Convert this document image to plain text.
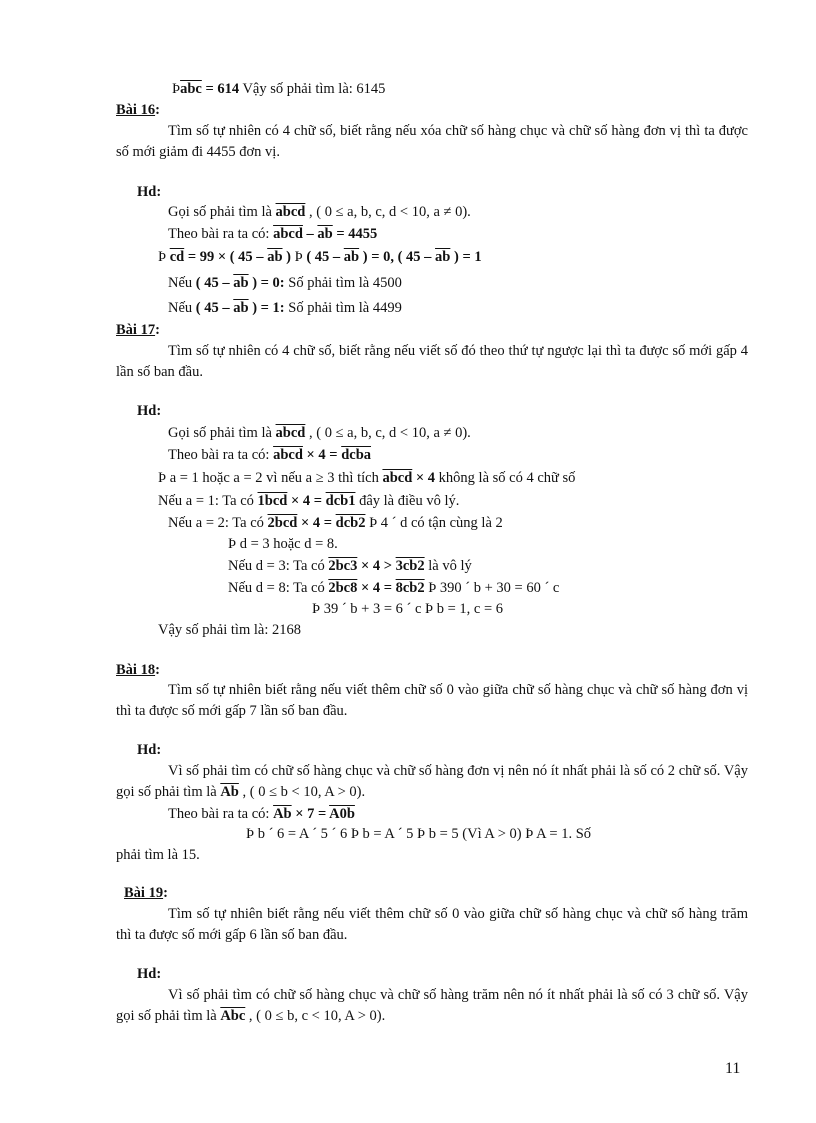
$Þ\overline{abc} = 614$ Vậy số phải tìm là: 6145
Bài 16:
Tìm số tự nhiên có 4 chữ số, biết rằng nếu xóa chữ số hàng chục và chữ số hàng đơn vị thì ta được số mới giảm đi 4455 đơn vị.
Hd:
Gọi số phải tìm là abcd , ( 0 ≤ a, b, c, d < 10, a ≠ 0).
Theo bài ra ta có: abcd – $\overline{ab} = 4455$
Þ $\overline{cd} = 99$ × ( $45 - \overline{ab}$ ) Þ ( $45 - \overline{ab}$ ) = 0, ( $45 - \overline{ab}$ ) = 1
Nếu ( $45 - \overline{ab}$ ) = 0: Số phải tìm là 4500
Nếu ( $45 - \overline{ab}$ ) = 1: Số phải tìm là 4499
Bài 17:
Tìm số tự nhiên có 4 chữ số, biết rằng nếu viết số đó theo thứ tự ngược lại thì ta được số mới gấp 4 lần số ban đầu.
Hd:
Gọi số phải tìm là abcd , ( 0 ≤ a, b, c, d < 10, a ≠ 0).
Theo bài ra ta có: abcd × 4 = dcba
Þ a = 1 hoặc a = 2 vì nếu a ≥ 3 thì tích abcd × 4 không là số có 4 chữ số
Nếu a = 1: Ta có 1bcd × 4 = dcb1 đây là điều vô lý.
Nếu a = 2: Ta có 2bcd × 4 = dcb2 Þ 4 ´ d có tận cùng là 2
Þ d = 3 hoặc d = 8.
Nếu d = 3: Ta có 2bc3 × 4 > 3cb2 là vô lý
Nếu d = 8: Ta có 2bc8 × 4 = 8cb2 Þ 390 ´ b + 30 = 60 ´ c
Þ 39 ´ b + 3 = 6 ´ c Þ b = 1, c = 6
Vậy số phải tìm là: 2168
Bài 18:
Tìm số tự nhiên biết rằng nếu viết thêm chữ số 0 vào giữa chữ số hàng chục và chữ số hàng đơn vị thì ta được số mới gấp 7 lần số ban đầu.
Hd:
Vì số phải tìm có chữ số hàng chục và chữ số hàng đơn vị nên nó ít nhất phải là số có 2 chữ số. Vậy gọi số phải tìm là $\overline{Ab}$ , ( 0 ≤ b < 10, A > 0).
Theo bài ra ta có: $\overline{Ab} \times 7 = A0b$
Þ b ´ 6 = A ´ 5 ´ 6 Þ b = A ´ 5 Þ b = 5 (Vì A > 0) Þ A = 1. Số
phải tìm là 15.
Bài 19:
Tìm số tự nhiên biết rằng nếu viết thêm chữ số 0 vào giữa chữ số hàng chục và chữ số hàng trăm thì ta được số mới gấp 6 lần số ban đầu.
Hd:
Vì số phải tìm có chữ số hàng chục và chữ số hàng trăm nên nó ít nhất phải là số có 3 chữ số. Vậy gọi số phải tìm là $\overline{Abc}$ , ( 0 ≤ b, c < 10, A > 0).
11
